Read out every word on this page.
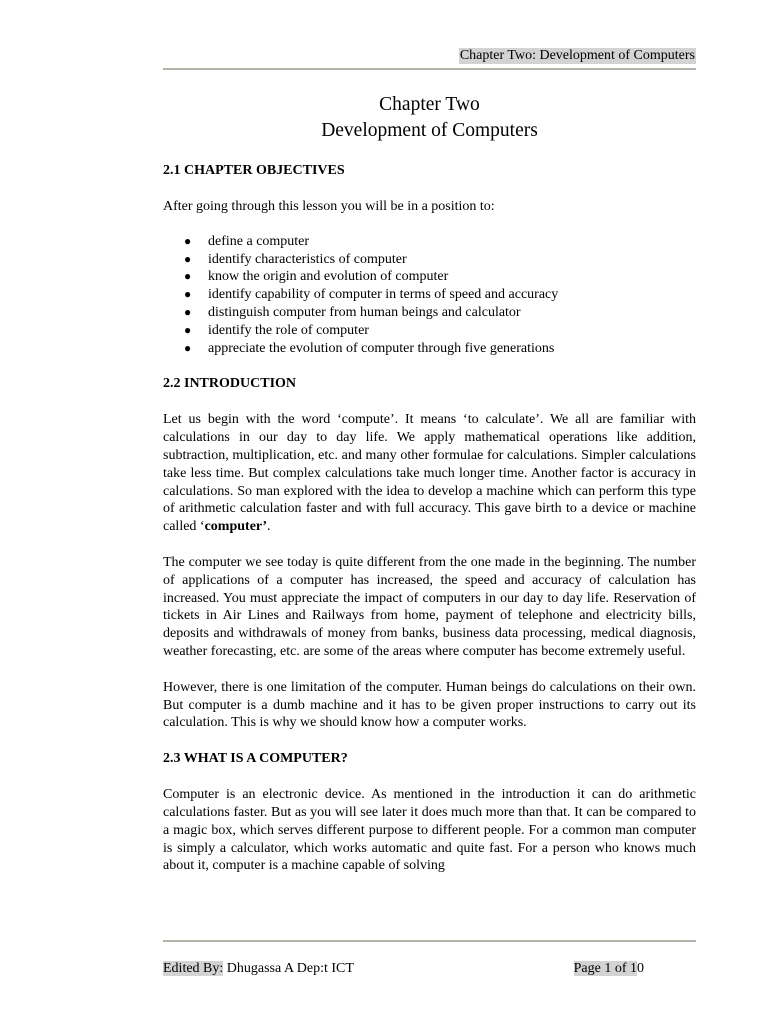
Chapter Two: Development of Computers
Chapter Two
Development of Computers
2.1 CHAPTER OBJECTIVES

After going through this lesson you will be in a position to:

● define a computer
● identify characteristics of computer
● know the origin and evolution of computer
● identify capability of computer in terms of speed and accuracy
● distinguish computer from human beings and calculator
● identify the role of computer
● appreciate the evolution of computer through five generations
2.2 INTRODUCTION

Let us begin with the word ‘compute’. It means ‘to calculate’. We all are familiar with calculations in our day to day life. We apply mathematical operations like addition, subtraction, multiplication, etc. and many other formulae for calculations. Simpler calculations take less time. But complex calculations take much longer time. Another factor is accuracy in calculations. So man explored with the idea to develop a machine which can perform this type of arithmetic calculation faster and with full accuracy. This gave birth to a device or machine called ‘computer’.

The computer we see today is quite different from the one made in the beginning. The number of applications of a computer has increased, the speed and accuracy of calculation has increased. You must appreciate the impact of computers in our day to day life. Reservation of tickets in Air Lines and Railways from home, payment of telephone and electricity bills, deposits and withdrawals of money from banks, business data processing, medical diagnosis, weather forecasting, etc. are some of the areas where computer has become extremely useful.

However, there is one limitation of the computer. Human beings do calculations on their own. But computer is a dumb machine and it has to be given proper instructions to carry out its calculation. This is why we should know how a computer works.

2.3 WHAT IS A COMPUTER?

Computer is an electronic device. As mentioned in the introduction it can do arithmetic calculations faster. But as you will see later it does much more than that. It can be compared to a magic box, which serves different purpose to different people. For a common man computer is simply a calculator, which works automatic and quite fast. For a person who knows much about it, computer is a machine capable of solving

Edited By: Dhugassa A Dep:t ICT	Page 1 of 10
